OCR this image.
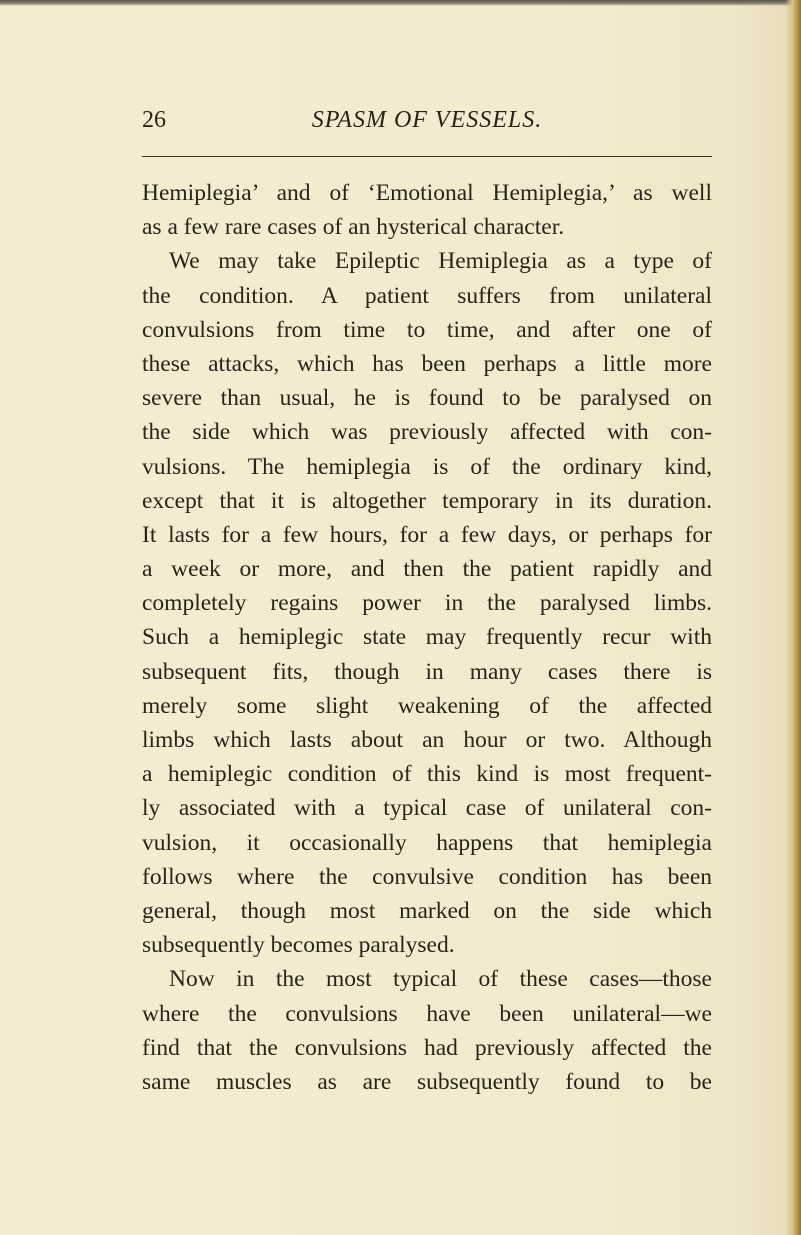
26	SPASM OF VESSELS.
Hemiplegia’ and of ‘Emotional Hemiplegia,’ as well
as a few rare cases of an hysterical character.
We may take Epileptic Hemiplegia as a type of
the condition. A patient suffers from unilateral
convulsions from time to time, and after one of
these attacks, which has been perhaps a little more
severe than usual, he is found to be paralysed on
the side which was previously affected with con-
vulsions. The hemiplegia is of the ordinary kind,
except that it is altogether temporary in its duration.
It lasts for a few hours, for a few days, or perhaps for
a week or more, and then the patient rapidly and
completely regains power in the paralysed limbs.
Such a hemiplegic state may frequently recur with
subsequent fits, though in many cases there is
merely some slight weakening of the affected
limbs which lasts about an hour or two. Although
a hemiplegic condition of this kind is most frequent-
ly associated with a typical case of unilateral con-
vulsion, it occasionally happens that hemiplegia
follows where the convulsive condition has been
general, though most marked on the side which
subsequently becomes paralysed.
Now in the most typical of these cases—those
where the convulsions have been unilateral—we
find that the convulsions had previously affected the
same muscles as are subsequently found to be
